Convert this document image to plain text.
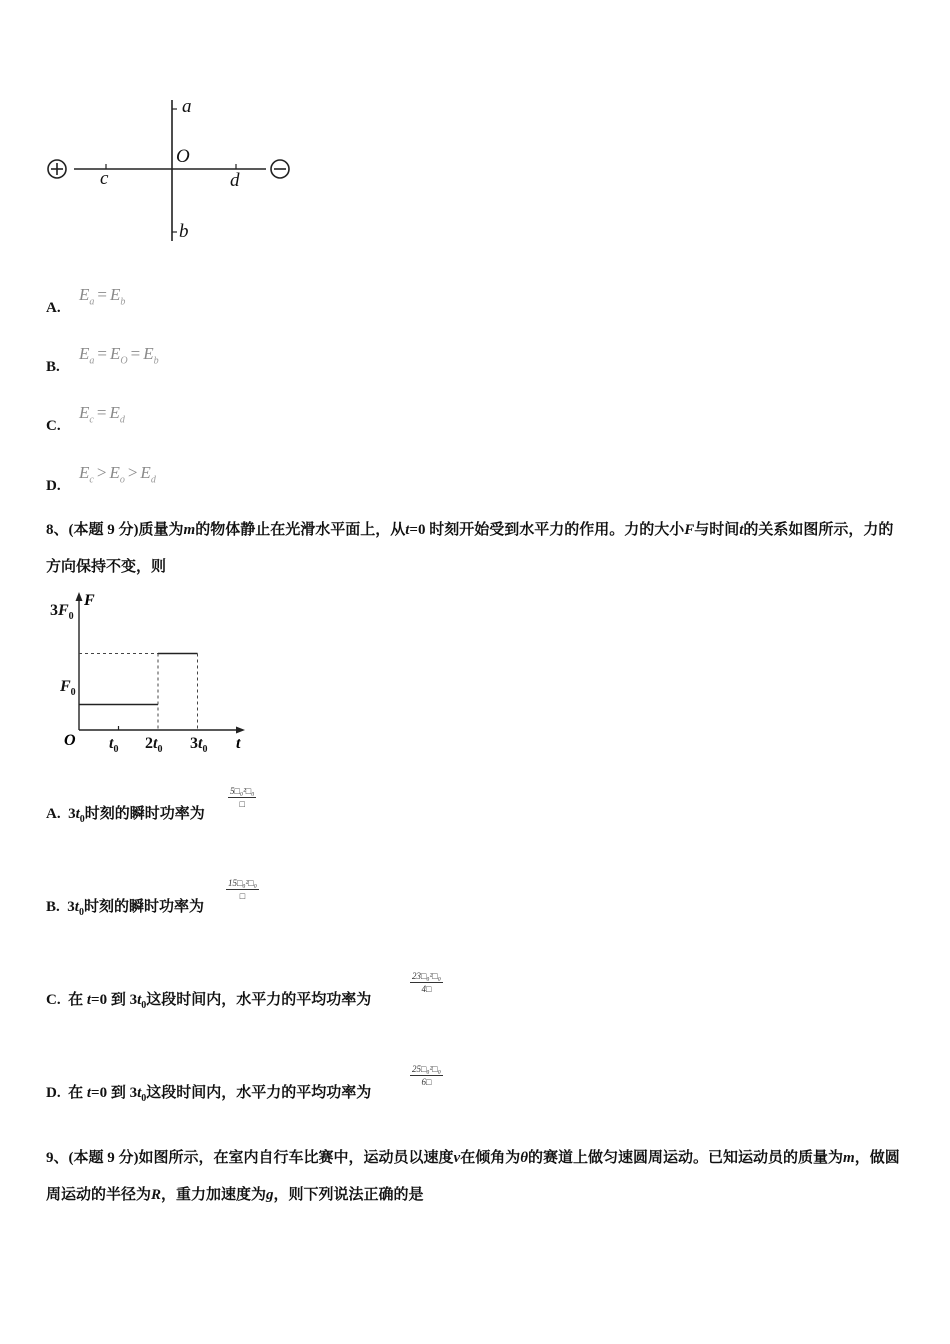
a
O
c	d
b
A.
$E_a = E_b$
B.
$E_a = E_O = E_b$
C.
$E_c = E_d$
D.
$E_c > E_o > E_d$
8、(本题 9 分)质量为m的物体静止在光滑水平面上，从t=0 时刻开始受到水平力的作用。力的大小F与时间t的关系如图所示，力的方向保持不变，则
F
t
O
$3F_0$
$F_0$
$t_0$ $2t_0$ $3t_0$
A. $3t_0$时刻的瞬时功率为
5□₀²□₀
□
B. $3t_0$时刻的瞬时功率为
15□₀²□₀
□
C. 在 t=0 到 $3t_0$这段时间内，水平力的平均功率为
$\frac{\text{23□₀²□₀}}{4□}$
D. 在 t=0 到 $3t_0$这段时间内，水平力的平均功率为
$\frac{\text{25□₀²□₀}}{6□}$
9、(本题 9 分)如图所示，在室内自行车比赛中，运动员以速度v在倾角为θ的赛道上做匀速圆周运动。已知运动员的质量为m，做圆周运动的半径为R，重力加速度为g，则下列说法正确的是
